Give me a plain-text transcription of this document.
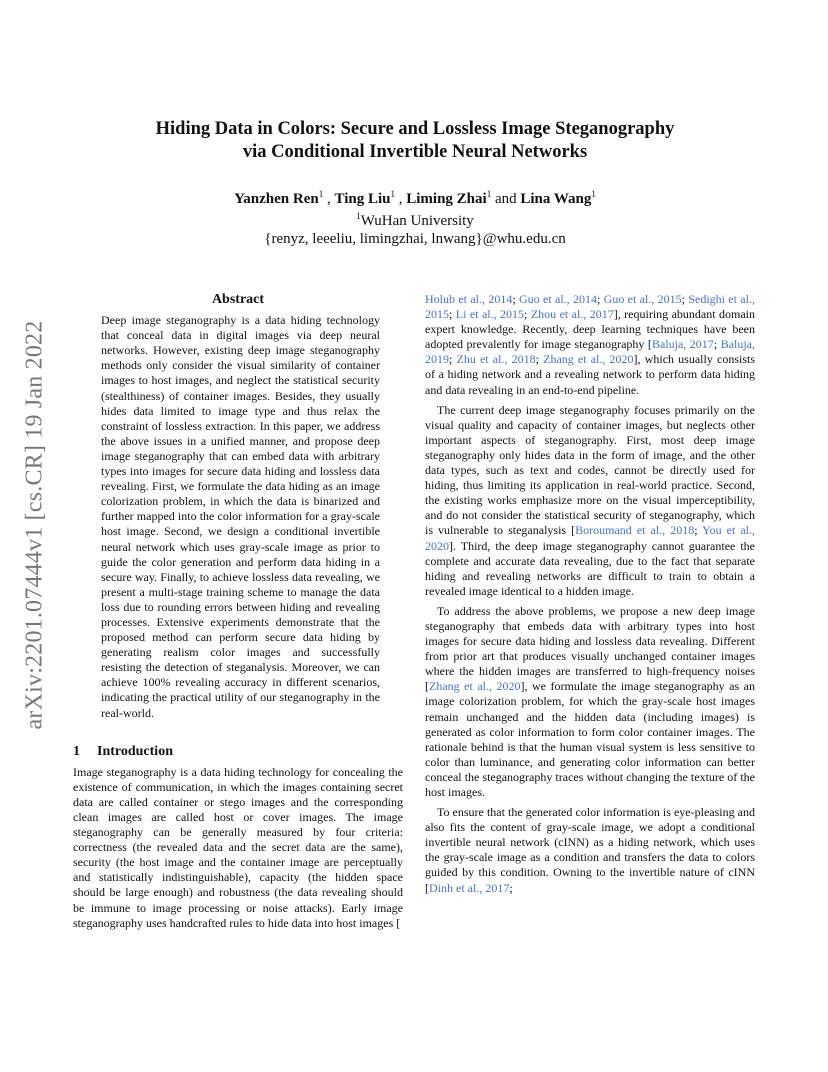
arXiv:2201.07444v1 [cs.CR] 19 Jan 2022
Hiding Data in Colors: Secure and Lossless Image Steganography
via Conditional Invertible Neural Networks
Yanzhen Ren$^1$ , Ting Liu$^1$ , Liming Zhai$^1$ and Lina Wang$^1$
$^1$WuHan University
{renyz, leeeliu, limingzhai, lnwang}@whu.edu.cn
Abstract

Deep image steganography is a data hiding technology that conceal data in digital images via deep neural networks. However, existing deep image steganography methods only consider the visual similarity of container images to host images, and neglect the statistical security (stealthiness) of container images. Besides, they usually hides data limited to image type and thus relax the constraint of lossless extraction. In this paper, we address the above issues in a unified manner, and propose deep image steganography that can embed data with arbitrary types into images for secure data hiding and lossless data revealing. First, we formulate the data hiding as an image colorization problem, in which the data is binarized and further mapped into the color information for a gray-scale host image. Second, we design a conditional invertible neural network which uses gray-scale image as prior to guide the color generation and perform data hiding in a secure way. Finally, to achieve lossless data revealing, we present a multi-stage training scheme to manage the data loss due to rounding errors between hiding and revealing processes. Extensive experiments demonstrate that the proposed method can perform secure data hiding by generating realism color images and successfully resisting the detection of steganalysis. Moreover, we can achieve 100% revealing accuracy in different scenarios, indicating the practical utility of our steganography in the real-world.

1 Introduction

Image steganography is a data hiding technology for concealing the existence of communication, in which the images containing secret data are called container or stego images and the corresponding clean images are called host or cover images. The image steganography can be generally measured by four criteria: correctness (the revealed data and the secret data are the same), security (the host image and the container image are perceptually and statistically indistinguishable), capacity (the hidden space should be large enough) and robustness (the data revealing should be immune to image processing or noise attacks). Early image steganography uses handcrafted rules to hide data into host images [

Holub et al., 2014; Guo et al., 2014; Guo et al., 2015; Sedighi et al., 2015; Li et al., 2015; Zhou et al., 2017], requiring abundant domain expert knowledge. Recently, deep learning techniques have been adopted prevalently for image steganography [Baluja, 2017; Baluja, 2019; Zhu et al., 2018; Zhang et al., 2020], which usually consists of a hiding network and a revealing network to perform data hiding and data revealing in an end-to-end pipeline.

The current deep image steganography focuses primarily on the visual quality and capacity of container images, but neglects other important aspects of steganography. First, most deep image steganography only hides data in the form of image, and the other data types, such as text and codes, cannot be directly used for hiding, thus limiting its application in real-world practice. Second, the existing works emphasize more on the visual imperceptibility, and do not consider the statistical security of steganography, which is vulnerable to steganalysis [Boroumand et al., 2018; You et al., 2020]. Third, the deep image steganography cannot guarantee the complete and accurate data revealing, due to the fact that separate hiding and revealing networks are difficult to train to obtain a revealed image identical to a hidden image.

To address the above problems, we propose a new deep image steganography that embeds data with arbitrary types into host images for secure data hiding and lossless data revealing. Different from prior art that produces visually unchanged container images where the hidden images are transferred to high-frequency noises [Zhang et al., 2020], we formulate the image steganography as an image colorization problem, for which the gray-scale host images remain unchanged and the hidden data (including images) is generated as color information to form color container images. The rationale behind is that the human visual system is less sensitive to color than luminance, and generating color information can better conceal the steganography traces without changing the texture of the host images.

To ensure that the generated color information is eye-pleasing and also fits the content of gray-scale image, we adopt a conditional invertible neural network (cINN) as a hiding network, which uses the gray-scale image as a condition and transfers the data to colors guided by this condition. Owning to the invertible nature of cINN [Dinh et al., 2017;
